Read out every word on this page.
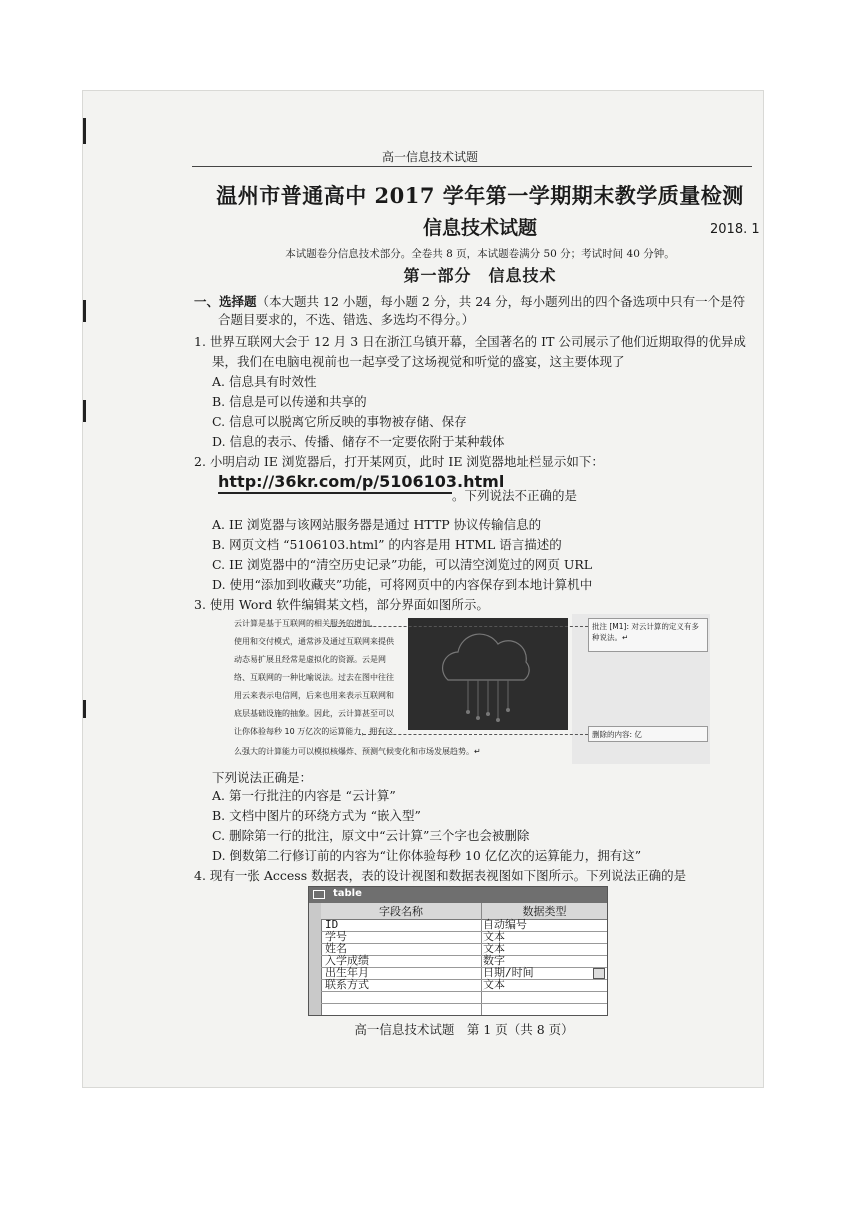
高一信息技术试题
温州市普通高中 2017 学年第一学期期末教学质量检测
信息技术试题	2018. 1
本试题卷分信息技术部分。全卷共 8 页，本试题卷满分 50 分；考试时间 40 分钟。
第一部分　信息技术
一、选择题（本大题共 12 小题，每小题 2 分，共 24 分，每小题列出的四个备选项中只有一个是符
合题目要求的，不选、错选、多选均不得分。）
1. 世界互联网大会于 12 月 3 日在浙江乌镇开幕，全国著名的 IT 公司展示了他们近期取得的优异成
果，我们在电脑电视前也一起享受了这场视觉和听觉的盛宴，这主要体现了
A. 信息具有时效性
B. 信息是可以传递和共享的
C. 信息可以脱离它所反映的事物被存储、保存
D. 信息的表示、传播、储存不一定要依附于某种载体
2. 小明启动 IE 浏览器后，打开某网页，此时 IE 浏览器地址栏显示如下：
http://36kr.com/p/5106103.html
。下列说法不正确的是
A. IE 浏览器与该网站服务器是通过 HTTP 协议传输信息的
B. 网页文档 “5106103.html” 的内容是用 HTML 语言描述的
C. IE 浏览器中的“清空历史记录”功能，可以清空浏览过的网页 URL
D. 使用“添加到收藏夹”功能，可将网页中的内容保存到本地计算机中
3. 使用 Word 软件编辑某文档，部分界面如图所示。
云计算是基于互联网的相关服务的增加、
使用和交付模式，通常涉及通过互联网来提供
动态易扩展且经常是虚拟化的资源。云是网
络、互联网的一种比喻说法。过去在图中往往
用云来表示电信网，后来也用来表示互联网和
底层基础设施的抽象。因此，云计算甚至可以
让你体验每秒 10 万亿次的运算能力，拥有这
么强大的计算能力可以模拟核爆炸、预测气候变化和市场发展趋势。↵
批注 [M1]: 对云计算的定义有多种说法。↵
删除的内容: 亿
下列说法正确是：
A. 第一行批注的内容是 “云计算”
B. 文档中图片的环绕方式为 “嵌入型”
C. 删除第一行的批注，原文中“云计算”三个字也会被删除
D. 倒数第二行修订前的内容为“让你体验每秒 10 亿亿次的运算能力，拥有这”
4. 现有一张 Access 数据表，表的设计视图和数据表视图如下图所示。下列说法正确的是
table
字段名称	数据类型
ID	自动编号
学号	文本
姓名	文本
入学成绩	数字
出生年月	日期/时间
联系方式	文本
高一信息技术试题　第 1 页（共 8 页）
